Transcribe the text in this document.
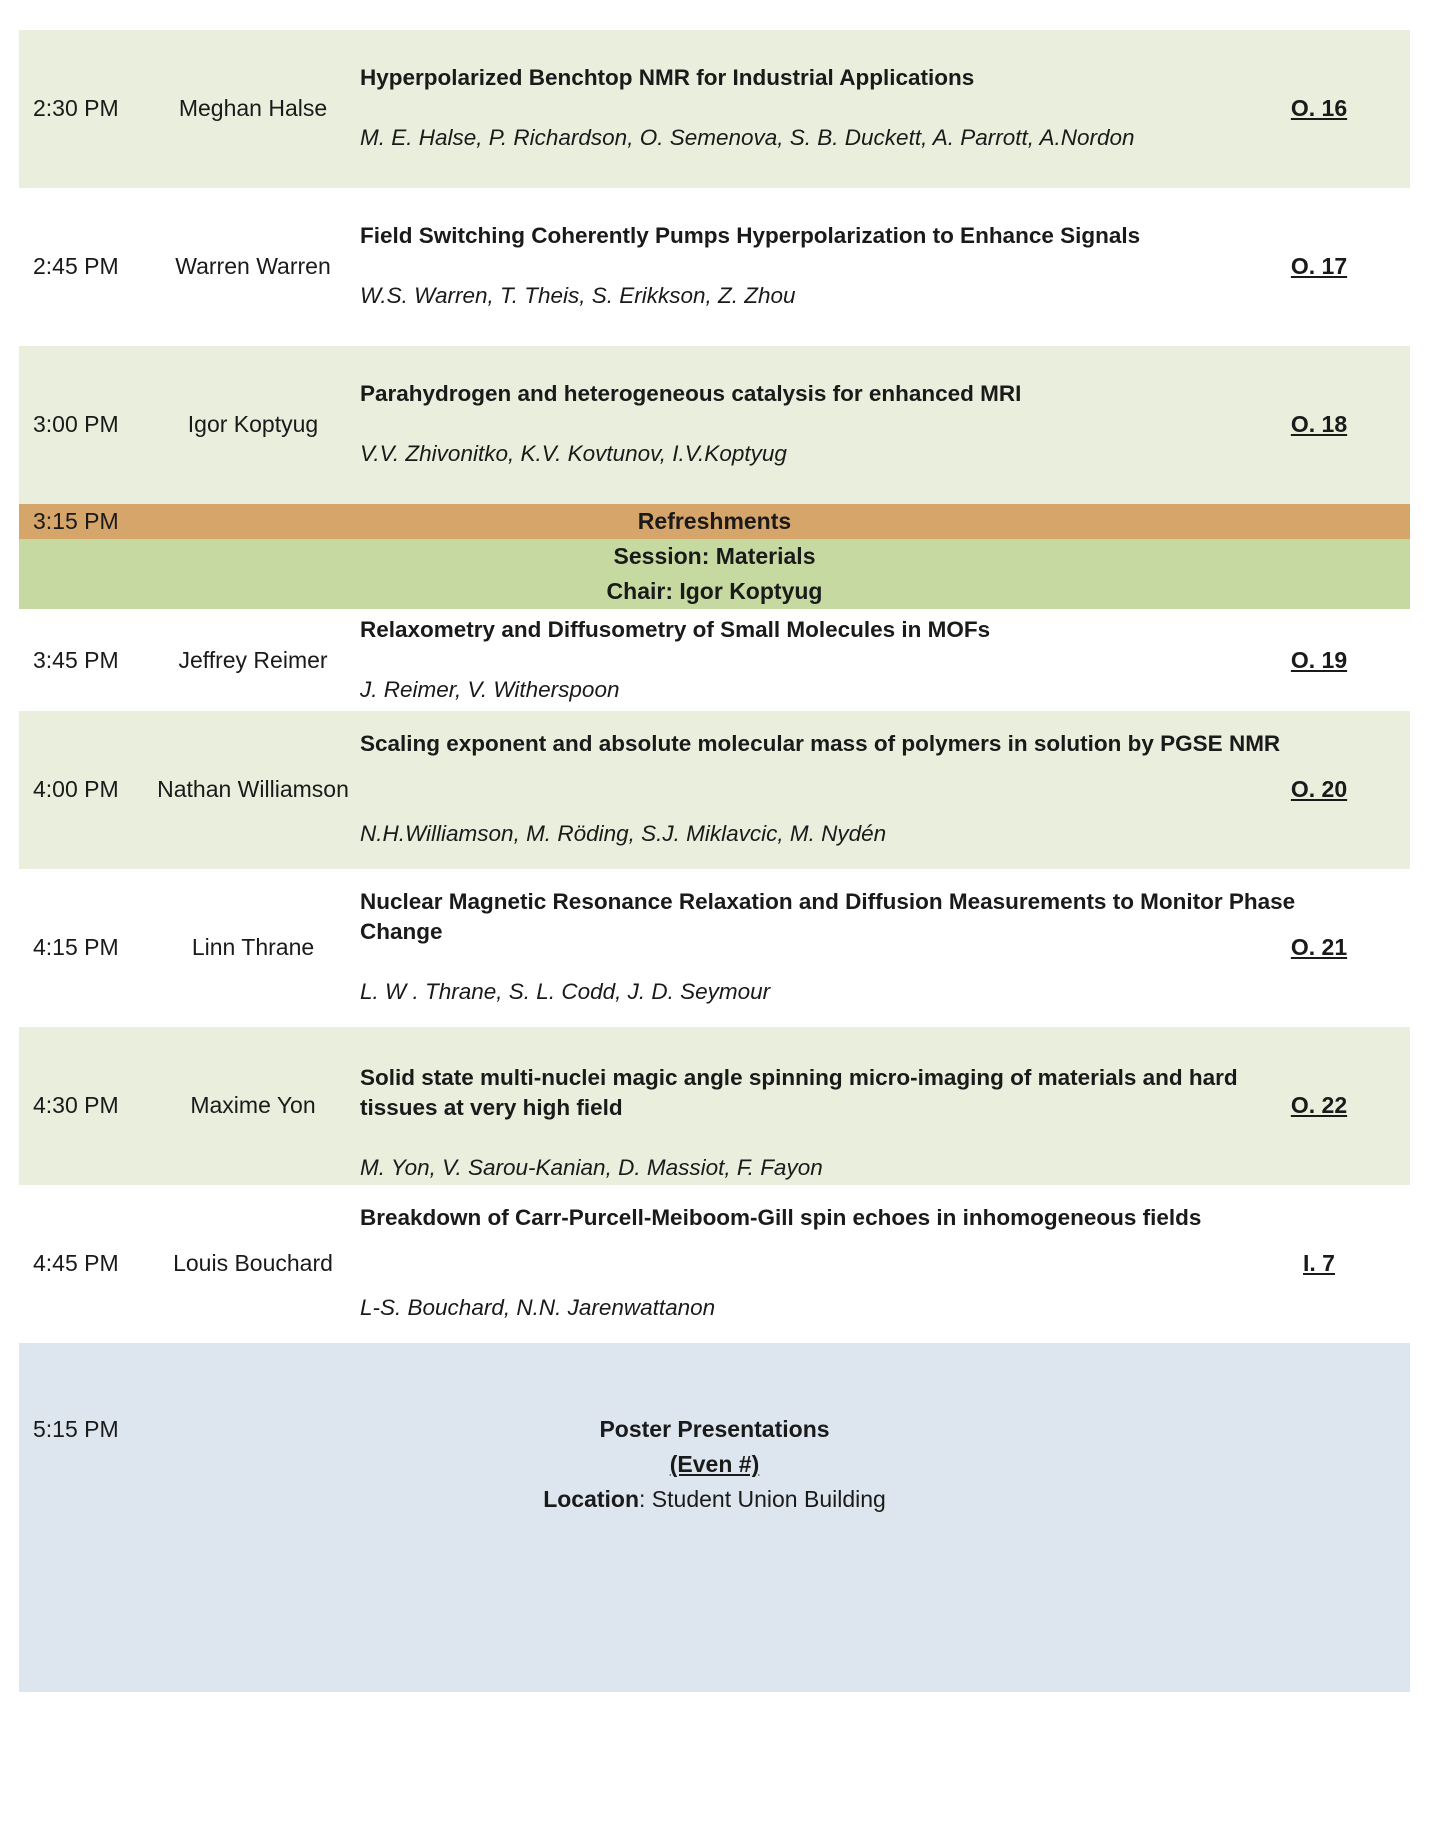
2:30 PM	Meghan Halse
Hyperpolarized Benchtop NMR for Industrial Applications
M. E. Halse, P. Richardson, O. Semenova, S. B. Duckett, A. Parrott, A.Nordon
O. 16
2:45 PM	Warren Warren
Field Switching Coherently Pumps Hyperpolarization to Enhance Signals
W.S. Warren, T. Theis, S. Erikkson, Z. Zhou
O. 17
3:00 PM	Igor Koptyug
Parahydrogen and heterogeneous catalysis for enhanced MRI
V.V. Zhivonitko, K.V. Kovtunov, I.V.Koptyug
O. 18
3:15 PM	Refreshments
Session: Materials
Chair: Igor Koptyug
3:45 PM	Jeffrey Reimer
Relaxometry and Diffusometry of Small Molecules in MOFs
J. Reimer, V. Witherspoon
O. 19
4:00 PM	Nathan Williamson
Scaling exponent and absolute molecular mass of polymers in solution by PGSE NMR
N.H.Williamson, M. Röding, S.J. Miklavcic, M. Nydén
O. 20
4:15 PM	Linn Thrane
Nuclear Magnetic Resonance Relaxation and Diffusion Measurements to Monitor Phase Change
L. W . Thrane, S. L. Codd, J. D. Seymour
O. 21
4:30 PM	Maxime Yon
Solid state multi-nuclei magic angle spinning micro-imaging of materials and hard tissues at very high field
M. Yon, V. Sarou-Kanian, D. Massiot, F. Fayon
O. 22
4:45 PM	Louis Bouchard
Breakdown of Carr-Purcell-Meiboom-Gill spin echoes in inhomogeneous fields
L-S. Bouchard, N.N. Jarenwattanon
I. 7
5:15 PM	Poster Presentations
(Even #)
Location: Student Union Building
